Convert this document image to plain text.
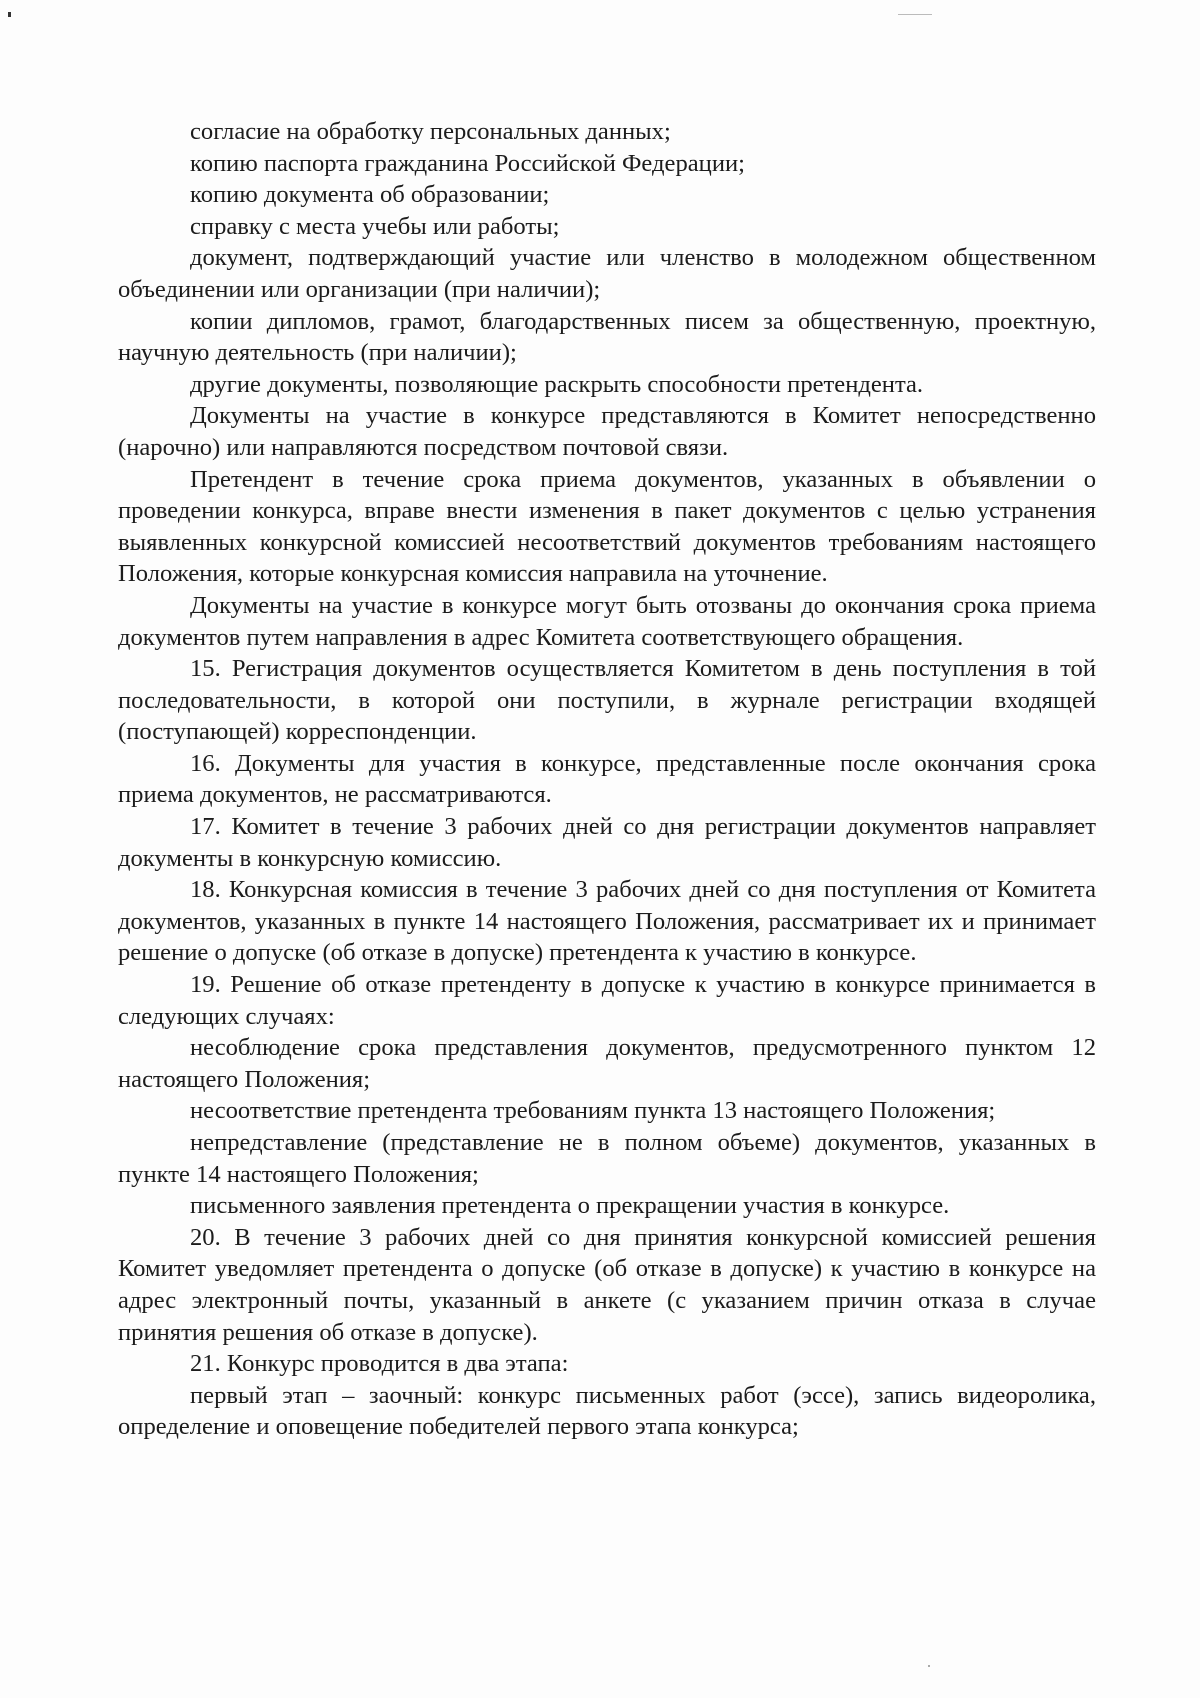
согласие на обработку персональных данных;

копию паспорта гражданина Российской Федерации;

копию документа об образовании;

справку с места учебы или работы;

документ, подтверждающий участие или членство в молодежном общественном объединении или организации (при наличии);

копии дипломов, грамот, благодарственных писем за общественную, проектную, научную деятельность (при наличии);

другие документы, позволяющие раскрыть способности претендента.

Документы на участие в конкурсе представляются в Комитет непосредственно (нарочно) или направляются посредством почтовой связи.

Претендент в течение срока приема документов, указанных в объявлении о проведении конкурса, вправе внести изменения в пакет документов с целью устранения выявленных конкурсной комиссией несоответствий документов требованиям настоящего Положения, которые конкурсная комиссия направила на уточнение.

Документы на участие в конкурсе могут быть отозваны до окончания срока приема документов путем направления в адрес Комитета соответствующего обращения.

15. Регистрация документов осуществляется Комитетом в день поступления в той последовательности, в которой они поступили, в журнале регистрации входящей (поступающей) корреспонденции.

16. Документы для участия в конкурсе, представленные после окончания срока приема документов, не рассматриваются.

17. Комитет в течение 3 рабочих дней со дня регистрации документов направляет документы в конкурсную комиссию.

18. Конкурсная комиссия в течение 3 рабочих дней со дня поступления от Комитета документов, указанных в пункте 14 настоящего Положения, рассматривает их и принимает решение о допуске (об отказе в допуске) претендента к участию в конкурсе.

19. Решение об отказе претенденту в допуске к участию в конкурсе принимается в следующих случаях:

несоблюдение срока представления документов, предусмотренного пунктом 12 настоящего Положения;

несоответствие претендента требованиям пункта 13 настоящего Положения;

непредставление (представление не в полном объеме) документов, указанных в пункте 14 настоящего Положения;

письменного заявления претендента о прекращении участия в конкурсе.

20. В течение 3 рабочих дней со дня принятия конкурсной комиссией решения Комитет уведомляет претендента о допуске (об отказе в допуске) к участию в конкурсе на адрес электронный почты, указанный в анкете (с указанием причин отказа в случае принятия решения об отказе в допуске).

21. Конкурс проводится в два этапа:

первый этап – заочный: конкурс письменных работ (эссе), запись видеоролика, определение и оповещение победителей первого этапа конкурса;
